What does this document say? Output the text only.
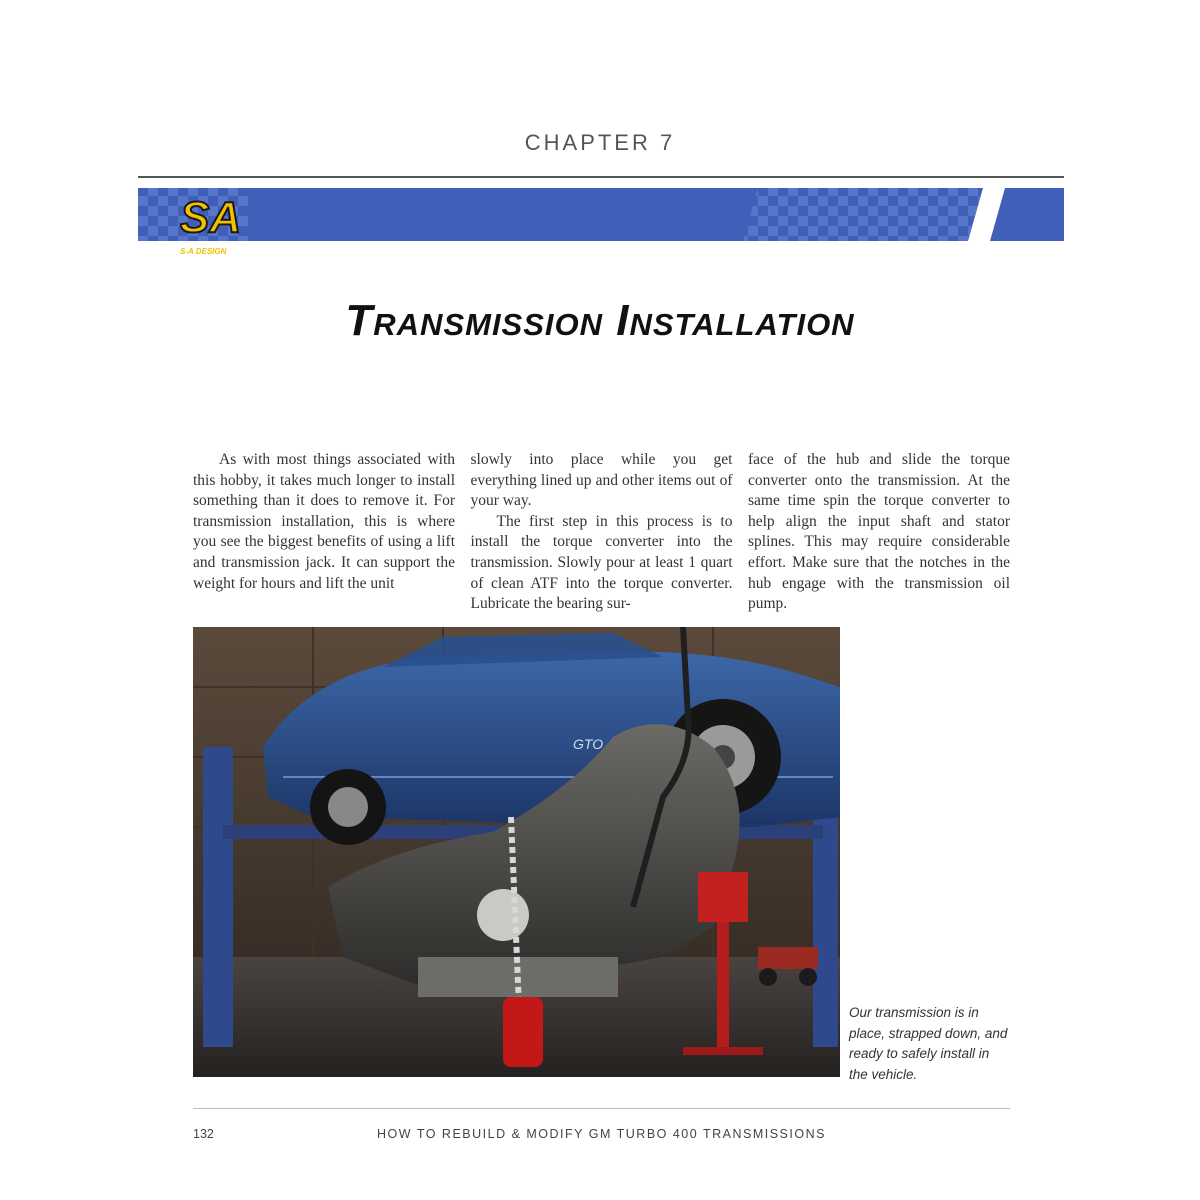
CHAPTER 7
SA
S-A DESIGN
Transmission Installation

As with most things associated with this hobby, it takes much longer to install something than it does to remove it. For transmission installation, this is where you see the biggest benefits of using a lift and transmission jack. It can support the weight for hours and lift the unit

slowly into place while you get everything lined up and other items out of your way.

The first step in this process is to install the torque converter into the transmission. Slowly pour at least 1 quart of clean ATF into the torque converter. Lubricate the bearing sur-

face of the hub and slide the torque converter onto the transmission. At the same time spin the torque converter to help align the input shaft and stator splines. This may require considerable effort. Make sure that the notches in the hub engage with the transmission oil pump.

GTO
Our transmission is in place, strapped down, and ready to safely install in the vehicle.
132	HOW TO REBUILD & MODIFY GM TURBO 400 TRANSMISSIONS
